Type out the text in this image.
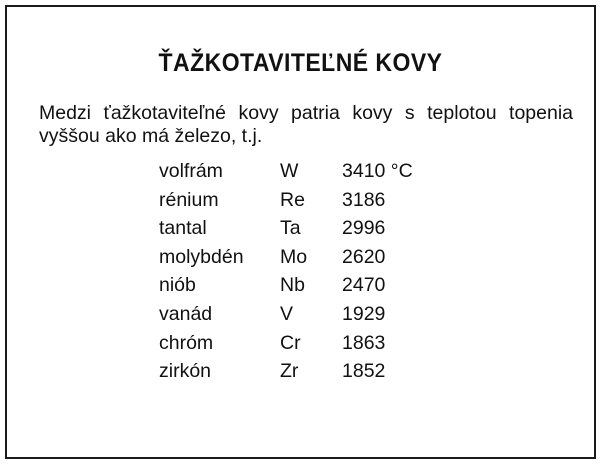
ŤAŽKOTAVITEĽNÉ KOVY
Medzi ťažkotaviteľné kovy patria kovy s teplotou topenia
vyššou ako má železo, t.j.
volfrám	W 3410 °C
rénium	Re 3186
tantal	Ta 2996
molybdén Mo 2620
niób	Nb 2470
vanád	V	1929
chróm	Cr 1863
zirkón	Zr 1852
